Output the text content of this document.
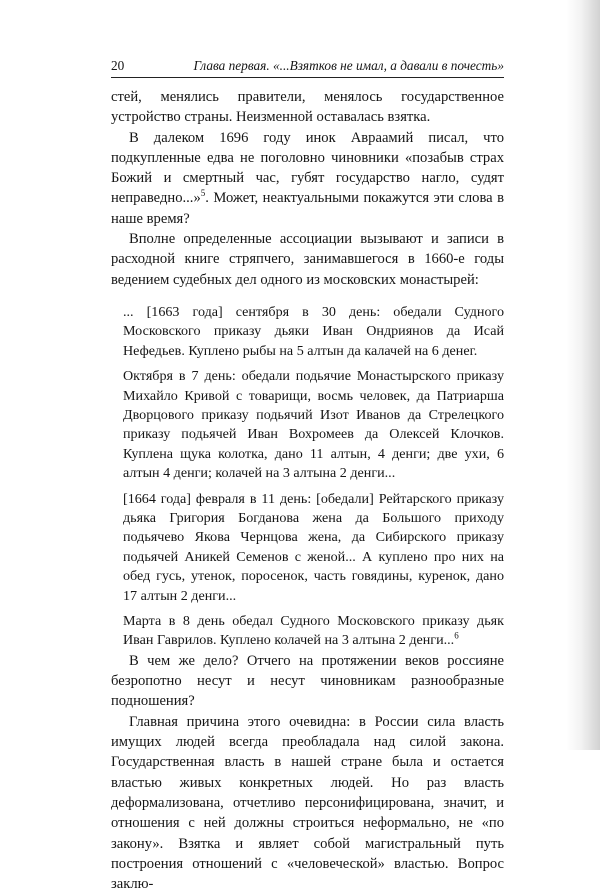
20	Глава первая. «...Взятков не имал, а давали в почесть»

стей, менялись правители, менялось государственное устройство страны. Неизменной оставалась взятка.

В далеком 1696 году инок Авраамий писал, что подкупленные едва не поголовно чиновники «позабыв страх Божий и смертный час, губят государство нагло, судят неправедно...»$^5$. Может, неактуальными покажутся эти слова в наше время?

Вполне определенные ассоциации вызывают и записи в расходной книге стряпчего, занимавшегося в 1660-е годы ведением судебных дел одного из московских монастырей:

... [1663 года] сентября в 30 день: обедали Судного Московского приказу дьяки Иван Ондриянов да Исай Нефедьев. Куплено рыбы на 5 алтын да калачей на 6 денег.

Октября в 7 день: обедали подьячие Монастырского приказу Михайло Кривой с товарищи, восмь человек, да Патриарша Дворцового приказу подьячий Изот Иванов да Стрелецкого приказу подьячей Иван Вохромеев да Олексей Клочков. Куплена щука колотка, дано 11 алтын, 4 денги; две ухи, 6 алтын 4 денги; колачей на 3 алтына 2 денги...

[1664 года] февраля в 11 день: [обедали] Рейтарского приказу дьяка Григория Богданова жена да Большого приходу подьячево Якова Чернцова жена, да Сибирского приказу подьячей Аникей Семенов с женой... А куплено про них на обед гусь, утенок, поросенок, часть говядины, куренок, дано 17 алтын 2 денги...

Марта в 8 день обедал Судного Московского приказу дьяк Иван Гаврилов. Куплено колачей на 3 алтына 2 денги...$^6$

В чем же дело? Отчего на протяжении веков россияне безропотно несут и несут чиновникам разнообразные подношения?

Главная причина этого очевидна: в России сила власть имущих людей всегда преобладала над силой закона. Государственная власть в нашей стране была и остается властью живых конкретных людей. Но раз власть деформализована, отчетливо персонифицирована, значит, и отношения с ней должны строиться неформально, не «по закону». Взятка и являет собой магистральный путь построения отношений с «человеческой» властью. Вопрос заклю-
